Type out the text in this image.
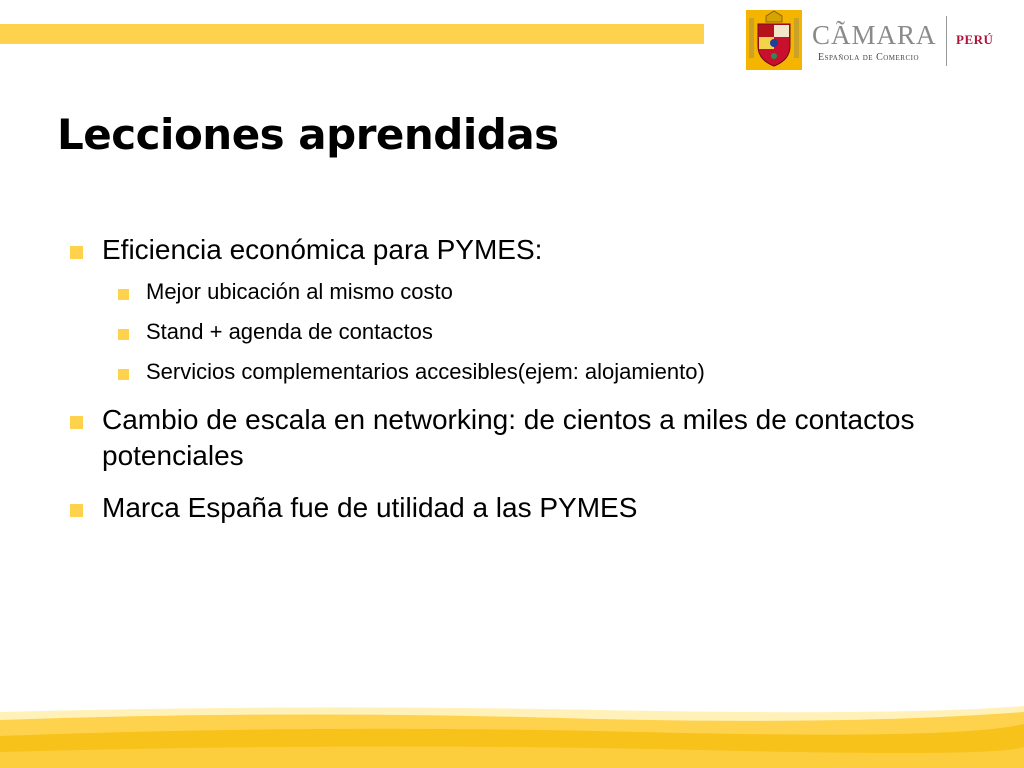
CÃMARA
Española de Comercio
PERÚ
Lecciones aprendidas
Eficiencia económica para PYMES:
Mejor ubicación al mismo costo
Stand + agenda de contactos
Servicios complementarios accesibles(ejem: alojamiento)
Cambio de escala en networking: de cientos a miles de contactos potenciales
Marca España fue de utilidad a las PYMES
